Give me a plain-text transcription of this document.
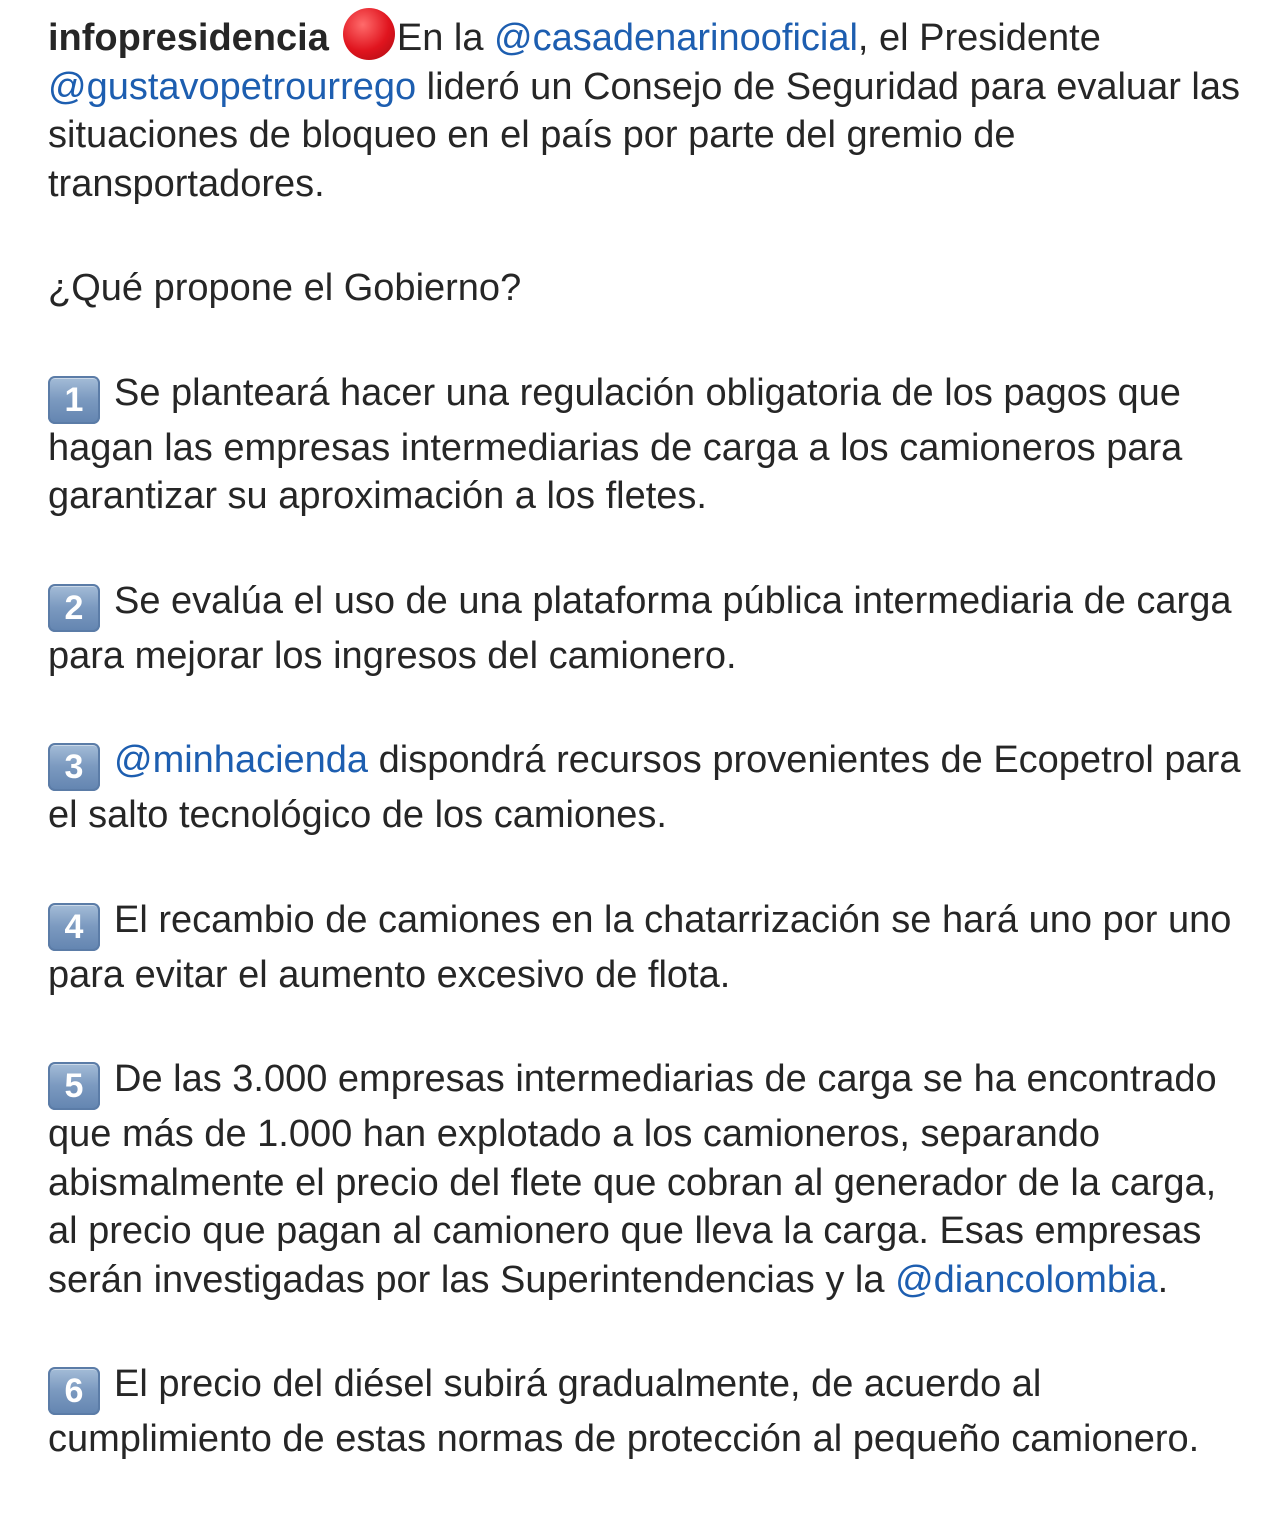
infopresidencia En la @casadenarinooficial, el Presidente @gustavopetrourrego lideró un Consejo de Seguridad para evaluar las situaciones de bloqueo en el país por parte del gremio de transportadores.

¿Qué propone el Gobierno?

1 Se planteará hacer una regulación obligatoria de los pagos que hagan las empresas intermediarias de carga a los camioneros para garantizar su aproximación a los fletes.

2 Se evalúa el uso de una plataforma pública intermediaria de carga para mejorar los ingresos del camionero.

3 @minhacienda dispondrá recursos provenientes de Ecopetrol para el salto tecnológico de los camiones.

4 El recambio de camiones en la chatarrización se hará uno por uno para evitar el aumento excesivo de flota.

5 De las 3.000 empresas intermediarias de carga se ha encontrado que más de 1.000 han explotado a los camioneros, separando abismalmente el precio del flete que cobran al generador de la carga, al precio que pagan al camionero que lleva la carga. Esas empresas serán investigadas por las Superintendencias y la @diancolombia.

6 El precio del diésel subirá gradualmente, de acuerdo al cumplimiento de estas normas de protección al pequeño camionero.
